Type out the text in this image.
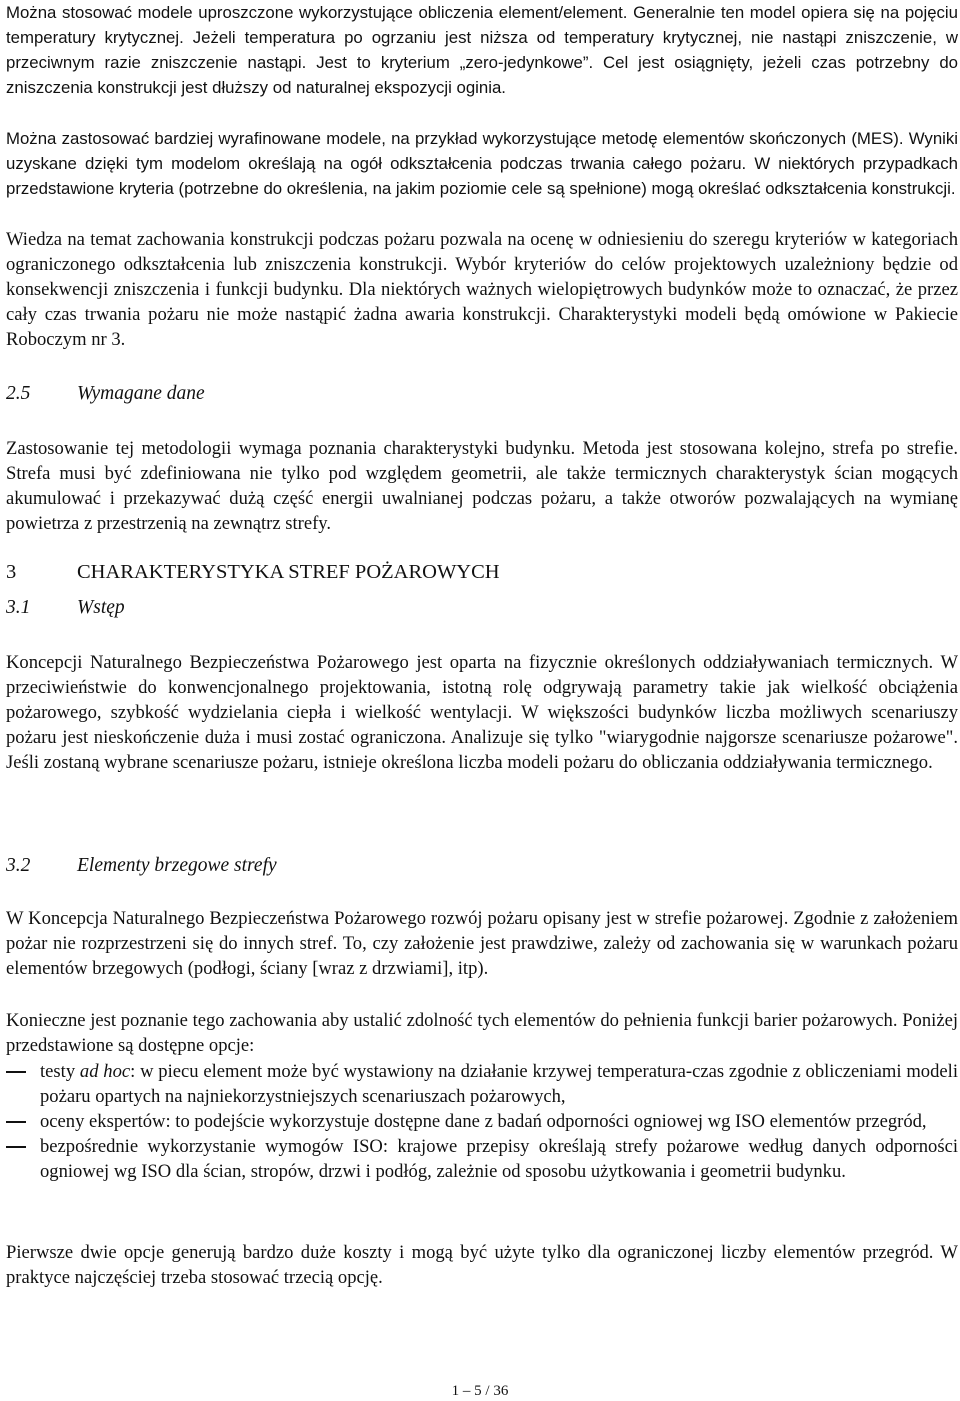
Można stosować modele uproszczone wykorzystujące obliczenia element/element. Generalnie ten model opiera się na pojęciu temperatury krytycznej. Jeżeli temperatura po ogrzaniu jest niższa od temperatury krytycznej, nie nastąpi zniszczenie, w przeciwnym razie zniszczenie nastąpi. Jest to kryterium „zero-jedynkowe”. Cel jest osiągnięty, jeżeli czas potrzebny do zniszczenia konstrukcji jest dłuższy od naturalnej ekspozycji oginia.

Można zastosować bardziej wyrafinowane modele, na przykład wykorzystujące metodę elementów skończonych (MES). Wyniki uzyskane dzięki tym modelom określają na ogół odkształcenia podczas trwania całego pożaru. W niektórych przypadkach przedstawione kryteria (potrzebne do określenia, na jakim poziomie cele są spełnione) mogą określać odkształcenia konstrukcji.

Wiedza na temat zachowania konstrukcji podczas pożaru pozwala na ocenę w odniesieniu do szeregu kryteriów w kategoriach ograniczonego odkształcenia lub zniszczenia konstrukcji. Wybór kryteriów do celów projektowych uzależniony będzie od konsekwencji zniszczenia i funkcji budynku. Dla niektórych ważnych wielopiętrowych budynków może to oznaczać, że przez cały czas trwania pożaru nie może nastąpić żadna awaria konstrukcji. Charakterystyki modeli będą omówione w Pakiecie Roboczym nr 3.

2.5	Wymagane dane

Zastosowanie tej metodologii wymaga poznania charakterystyki budynku. Metoda jest stosowana kolejno, strefa po strefie. Strefa musi być zdefiniowana nie tylko pod względem geometrii, ale także termicznych charakterystyk ścian mogących akumulować i przekazywać dużą część energii uwalnianej podczas pożaru, a także otworów pozwalających na wymianę powietrza z przestrzenią na zewnątrz strefy.

3	CHARAKTERYSTYKA STREF POŻAROWYCH
3.1	Wstęp

Koncepcji Naturalnego Bezpieczeństwa Pożarowego jest oparta na fizycznie określonych oddziaływaniach termicznych. W przeciwieństwie do konwencjonalnego projektowania, istotną rolę odgrywają parametry takie jak wielkość obciążenia pożarowego, szybkość wydzielania ciepła i wielkość wentylacji. W większości budynków liczba możliwych scenariuszy pożaru jest nieskończenie duża i musi zostać ograniczona. Analizuje się tylko "wiarygodnie najgorsze scenariusze pożarowe". Jeśli zostaną wybrane scenariusze pożaru, istnieje określona liczba modeli pożaru do obliczania oddziaływania termicznego.

3.2	Elementy brzegowe strefy

W Koncepcja Naturalnego Bezpieczeństwa Pożarowego rozwój pożaru opisany jest w strefie pożarowej. Zgodnie z założeniem pożar nie rozprzestrzeni się do innych stref. To, czy założenie jest prawdziwe, zależy od zachowania się w warunkach pożaru elementów brzegowych (podłogi, ściany [wraz z drzwiami], itp).

Konieczne jest poznanie tego zachowania aby ustalić zdolność tych elementów do pełnienia funkcji barier pożarowych. Poniżej przedstawione są dostępne opcje:

testy ad hoc: w piecu element może być wystawiony na działanie krzywej temperatura-czas zgodnie z obliczeniami modeli pożaru opartych na najniekorzystniejszych scenariuszach pożarowych,
oceny ekspertów: to podejście wykorzystuje dostępne dane z badań odporności ogniowej wg ISO elementów przegród,
bezpośrednie wykorzystanie wymogów ISO: krajowe przepisy określają strefy pożarowe według danych odporności ogniowej wg ISO dla ścian, stropów, drzwi i podłóg, zależnie od sposobu użytkowania i geometrii budynku.

Pierwsze dwie opcje generują bardzo duże koszty i mogą być użyte tylko dla ograniczonej liczby elementów przegród. W praktyce najczęściej trzeba stosować trzecią opcję.

1 – 5 / 36
